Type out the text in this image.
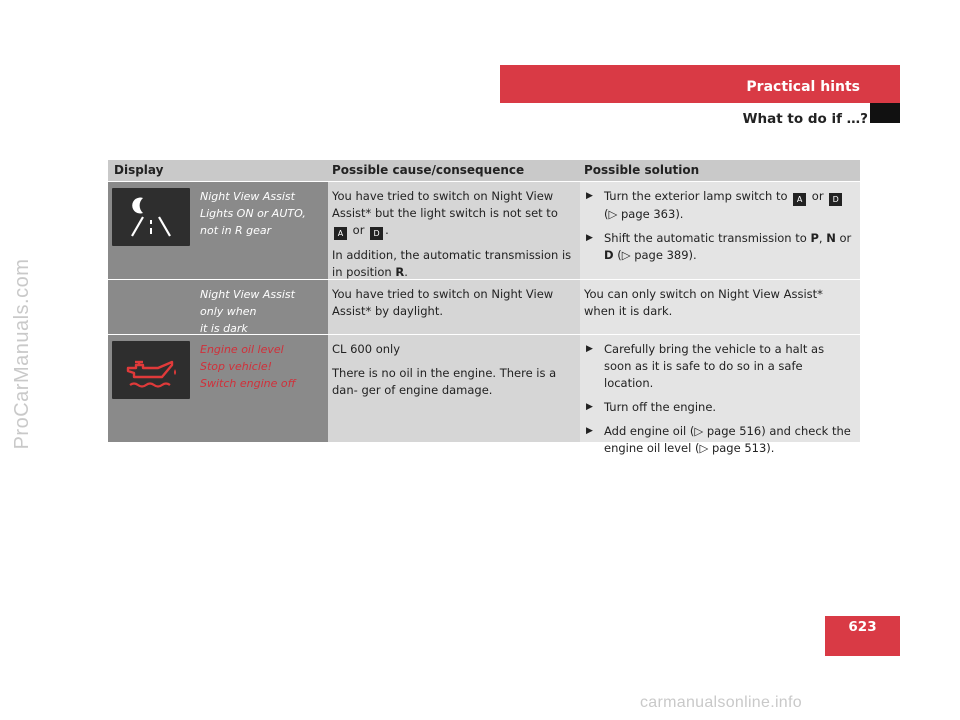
ProCarManuals.com
Practical hints
What to do if …?
Display	Possible cause/consequence	Possible solution
Night View Assist
Lights ON or AUTO,
not in R gear

You have tried to switch on Night View Assist* but the light switch is not set to A or D .

In addition, the automatic transmission is in position R.

▶ Turn the exterior lamp switch to A or D (▷ page 363).
▶ Shift the automatic transmission to P, N or D (▷ page 389).
Night View Assist
only when
it is dark

You have tried to switch on Night View Assist* by daylight.

You can only switch on Night View Assist* when it is dark.

Engine oil level
Stop vehicle!
Switch engine off

CL 600 only

There is no oil in the engine. There is a dan- ger of engine damage.

▶ Carefully bring the vehicle to a halt as soon as it is safe to do so in a safe location.
▶ Turn off the engine.
▶ Add engine oil (▷ page 516) and check the engine oil level (▷ page 513).
623
carmanualsonline.info
